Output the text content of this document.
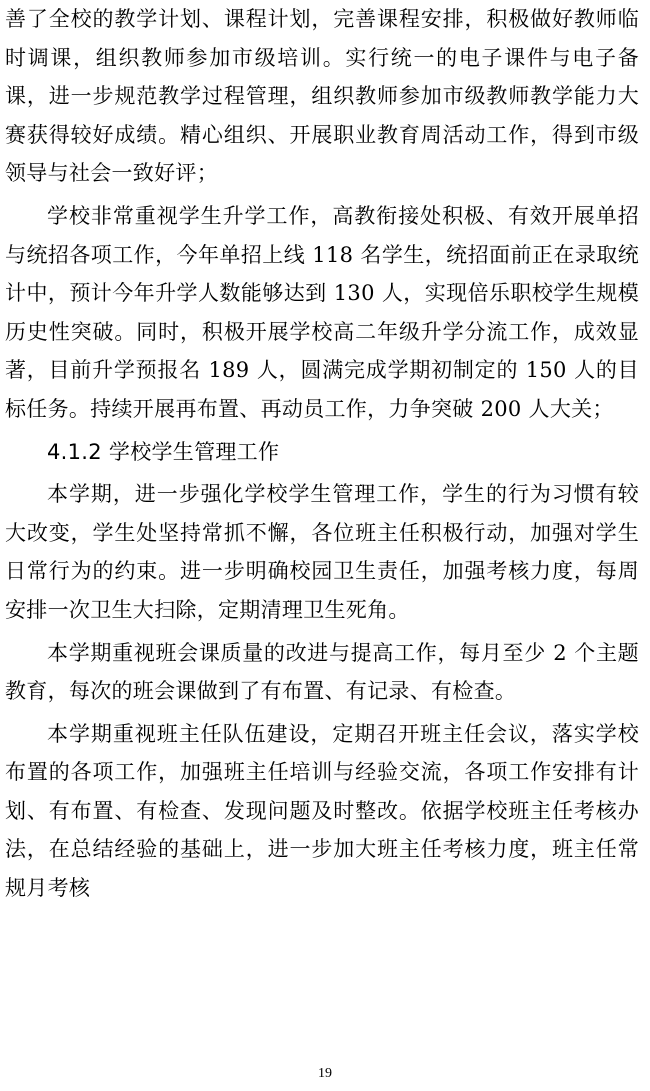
善了全校的教学计划、课程计划，完善课程安排，积极做好教师临时调课，组织教师参加市级培训。实行统一的电子课件与电子备课，进一步规范教学过程管理，组织教师参加市级教师教学能力大赛获得较好成绩。精心组织、开展职业教育周活动工作，得到市级领导与社会一致好评；

学校非常重视学生升学工作，高教衔接处积极、有效开展单招与统招各项工作，今年单招上线 118 名学生，统招面前正在录取统计中，预计今年升学人数能够达到 130 人，实现倍乐职校学生规模历史性突破。同时，积极开展学校高二年级升学分流工作，成效显著，目前升学预报名 189 人，圆满完成学期初制定的 150 人的目标任务。持续开展再布置、再动员工作，力争突破 200 人大关；

4.1.2 学校学生管理工作

本学期，进一步强化学校学生管理工作，学生的行为习惯有较大改变，学生处坚持常抓不懈，各位班主任积极行动，加强对学生日常行为的约束。进一步明确校园卫生责任，加强考核力度，每周安排一次卫生大扫除，定期清理卫生死角。

本学期重视班会课质量的改进与提高工作，每月至少 2 个主题教育，每次的班会课做到了有布置、有记录、有检查。

本学期重视班主任队伍建设，定期召开班主任会议，落实学校布置的各项工作，加强班主任培训与经验交流，各项工作安排有计划、有布置、有检查、发现问题及时整改。依据学校班主任考核办法，在总结经验的基础上，进一步加大班主任考核力度，班主任常规月考核

19
